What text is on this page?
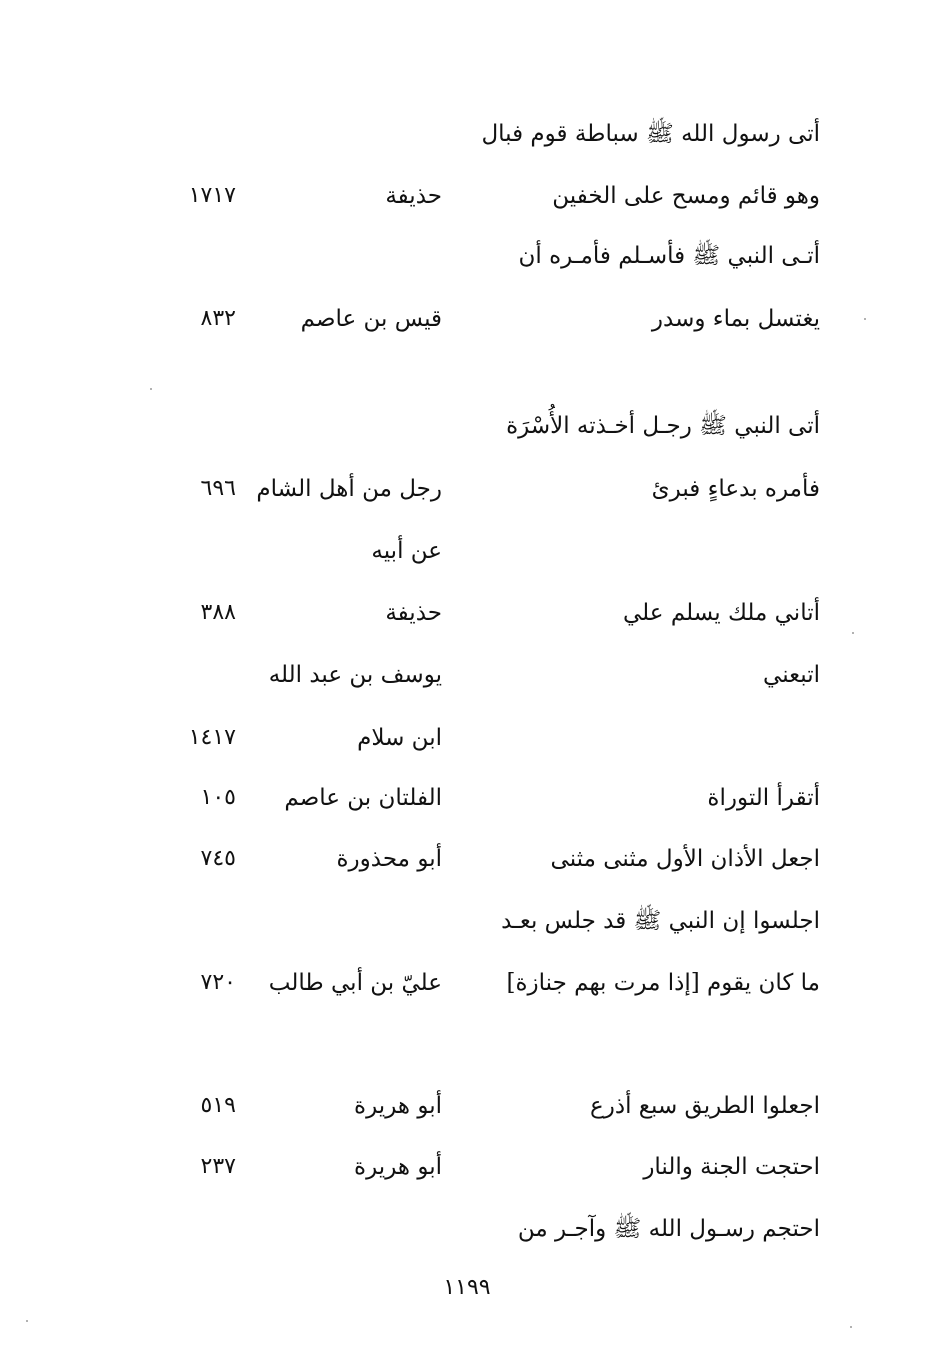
أتى رسول الله ﷺ سباطة قوم فبال
وهو قائم ومسح على الخفين
حذيفة
١٧١٧
أتـى النبي ﷺ فأسـلم فأمـره أن
يغتسل بماء وسدر
قيس بن عاصم
٨٣٢
أتى النبي ﷺ رجـل أخـذته الأُسْرَة
فأمره بدعاءٍ فبرئ
رجل من أهل الشام
٦٩٦
عن أبيه
أتاني ملك يسلم علي
حذيفة
٣٨٨
اتبعني
يوسف بن عبد الله
ابن سلام
١٤١٧
أتقرأ التوراة
الفلتان بن عاصم
١٠٥
اجعل الأذان الأول مثنى مثنى
أبو محذورة
٧٤٥
اجلسوا إن النبي ﷺ قد جلس بعـد
ما كان يقوم [إذا مرت بهم جنازة]
عليّ بن أبي طالب
٧٢٠
اجعلوا الطريق سبع أذرع
أبو هريرة
٥١٩
احتجت الجنة والنار
أبو هريرة
٢٣٧
احتجم رسـول الله ﷺ وآجـر من
١١٩٩
